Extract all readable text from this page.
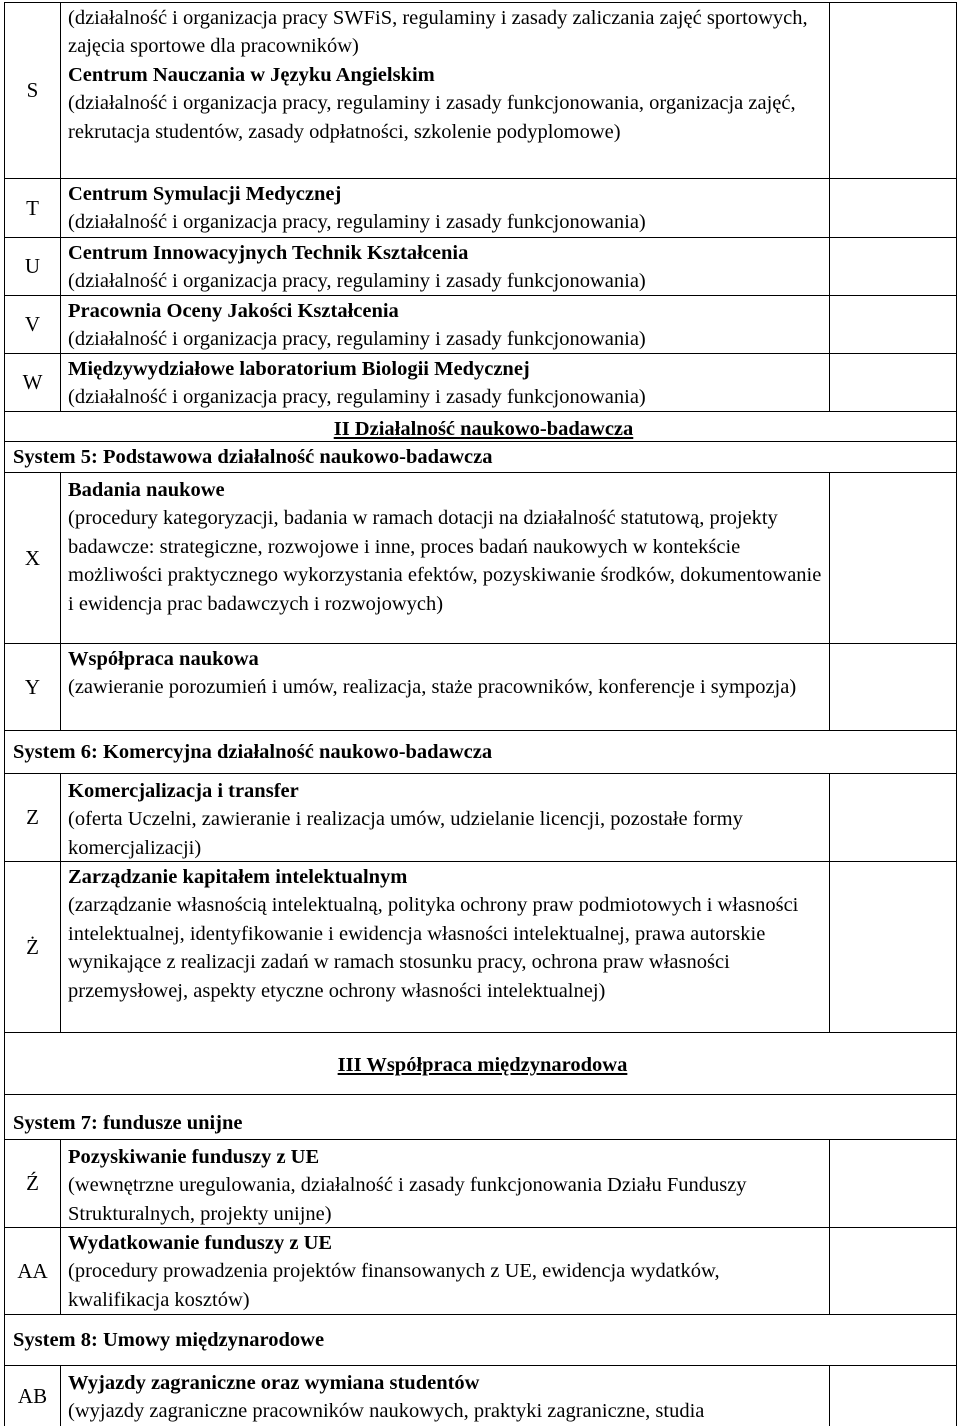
S
(działalność i organizacja pracy SWFiS, regulaminy i zasady zaliczania zajęć sportowych, zajęcia sportowe dla pracowników)
Centrum Nauczania w Języku Angielskim
(działalność i organizacja pracy, regulaminy i zasady funkcjonowania, organizacja zajęć, rekrutacja studentów, zasady odpłatności, szkolenie podyplomowe)
T
Centrum Symulacji Medycznej
(działalność i organizacja pracy, regulaminy i zasady funkcjonowania)
U
Centrum Innowacyjnych Technik Kształcenia
(działalność i organizacja pracy, regulaminy i zasady funkcjonowania)
V
Pracownia Oceny Jakości Kształcenia
(działalność i organizacja pracy, regulaminy i zasady funkcjonowania)
W
Międzywydziałowe laboratorium Biologii Medycznej
(działalność i organizacja pracy, regulaminy i zasady funkcjonowania)
II Działalność naukowo-badawcza
System 5: Podstawowa działalność naukowo-badawcza
X
Badania naukowe
(procedury kategoryzacji, badania w ramach dotacji na działalność statutową, projekty badawcze: strategiczne, rozwojowe i inne, proces badań naukowych w kontekście możliwości praktycznego wykorzystania efektów, pozyskiwanie środków, dokumentowanie i ewidencja prac badawczych i rozwojowych)
Y
Współpraca naukowa
(zawieranie porozumień i umów, realizacja, staże pracowników, konferencje i sympozja)
System 6: Komercyjna działalność naukowo-badawcza
Z
Komercjalizacja i transfer
(oferta Uczelni, zawieranie i realizacja umów, udzielanie licencji, pozostałe formy komercjalizacji)
Ż
Zarządzanie kapitałem intelektualnym
(zarządzanie własnością intelektualną, polityka ochrony praw podmiotowych i własności intelektualnej, identyfikowanie i ewidencja własności intelektualnej, prawa autorskie wynikające z realizacji zadań w ramach stosunku pracy, ochrona praw własności przemysłowej, aspekty etyczne ochrony własności intelektualnej)
III Współpraca międzynarodowa
System 7: fundusze unijne
Ź
Pozyskiwanie funduszy z UE
(wewnętrzne uregulowania, działalność i zasady funkcjonowania Działu Funduszy Strukturalnych, projekty unijne)
AA
Wydatkowanie funduszy z UE
(procedury prowadzenia projektów finansowanych z UE, ewidencja wydatków, kwalifikacja kosztów)
System 8: Umowy międzynarodowe
AB
Wyjazdy zagraniczne oraz wymiana studentów
(wyjazdy zagraniczne pracowników naukowych, praktyki zagraniczne, studia
